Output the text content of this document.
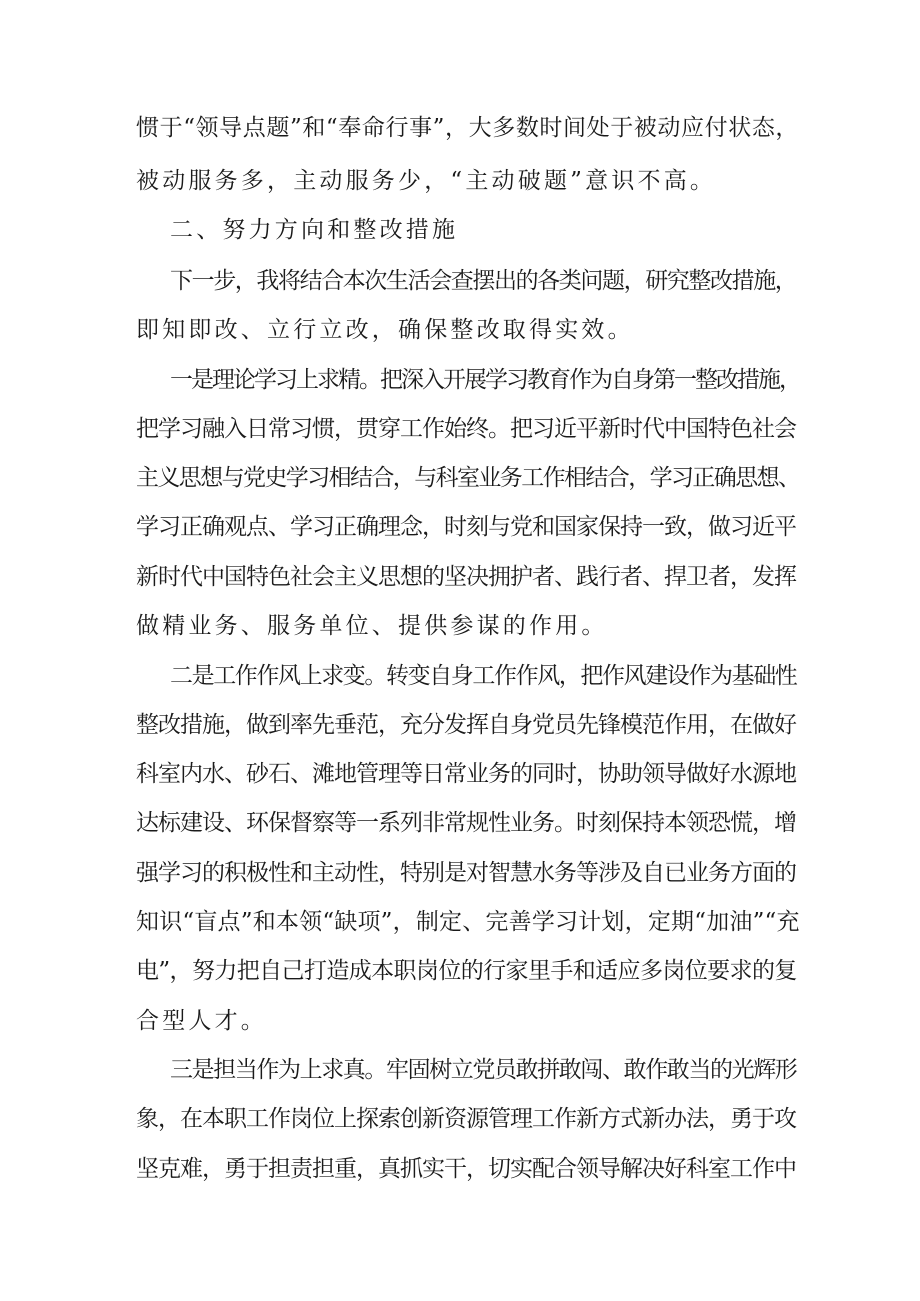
惯于“领导点题”和“奉命行事”，大多数时间处于被动应付状态，
被动服务多，主动服务少，“主动破题”意识不高。
二、努力方向和整改措施
下一步，我将结合本次生活会查摆出的各类问题，研究整改措施，
即知即改、立行立改，确保整改取得实效。
一是理论学习上求精。把深入开展学习教育作为自身第一整改措施，
把学习融入日常习惯，贯穿工作始终。把习近平新时代中国特色社会
主义思想与党史学习相结合，与科室业务工作相结合，学习正确思想、
学习正确观点、学习正确理念，时刻与党和国家保持一致，做习近平
新时代中国特色社会主义思想的坚决拥护者、践行者、捍卫者，发挥
做精业务、服务单位、提供参谋的作用。
二是工作作风上求变。转变自身工作作风，把作风建设作为基础性
整改措施，做到率先垂范，充分发挥自身党员先锋模范作用，在做好
科室内水、砂石、滩地管理等日常业务的同时，协助领导做好水源地
达标建设、环保督察等一系列非常规性业务。时刻保持本领恐慌，增
强学习的积极性和主动性，特别是对智慧水务等涉及自已业务方面的
知识“盲点”和本领“缺项”，制定、完善学习计划，定期“加油”“充
电”，努力把自己打造成本职岗位的行家里手和适应多岗位要求的复
合型人才。
三是担当作为上求真。牢固树立党员敢拼敢闯、敢作敢当的光辉形
象，在本职工作岗位上探索创新资源管理工作新方式新办法，勇于攻
坚克难，勇于担责担重，真抓实干，切实配合领导解决好科室工作中
